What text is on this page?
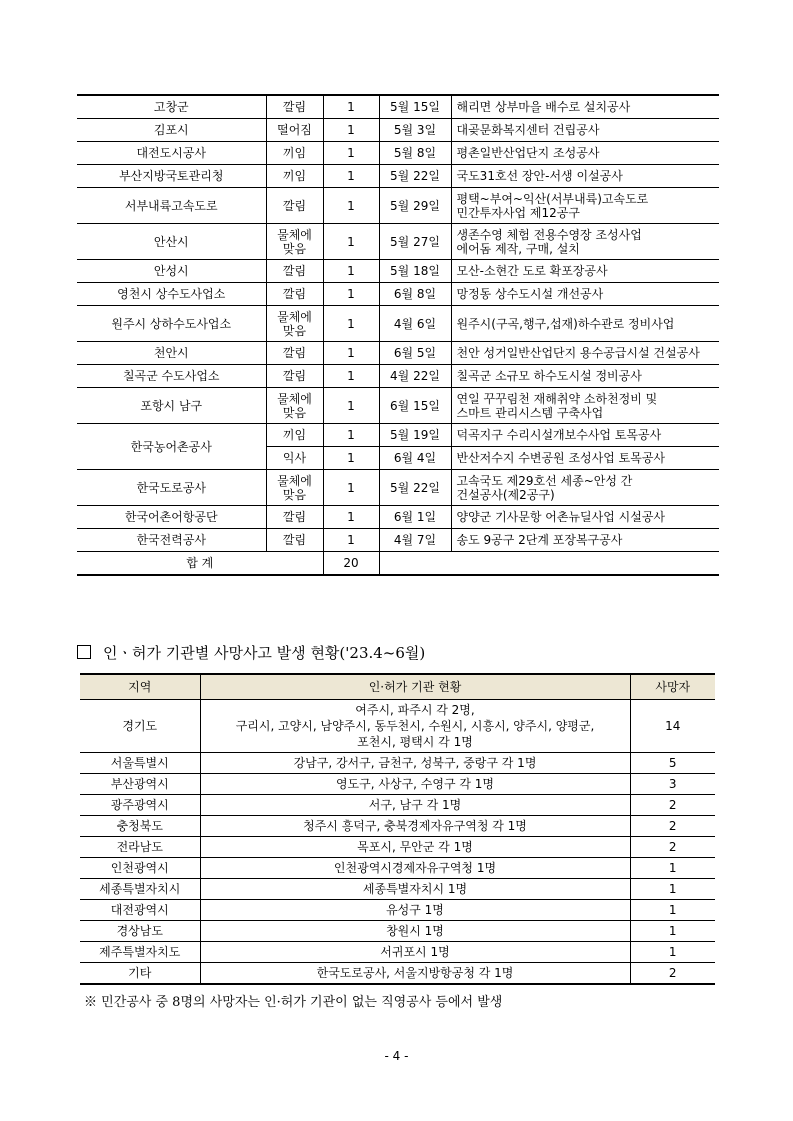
고창군	깔림	1	5월 15일	해리면 상부마을 배수로 설치공사
김포시	떨어짐	1	5월 3일	대곶문화복지센터 건립공사
대전도시공사	끼임	1	5월 8일	평촌일반산업단지 조성공사
부산지방국토관리청	끼임	1	5월 22일	국도31호선 장안-서생 이설공사
서부내륙고속도로	깔림	1	5월 29일	평택~부여~익산(서부내륙)고속도로
민간투자사업 제12공구

안산시	물체에 맞음	1	5월 27일	생존수영 체험 전용수영장 조성사업
에어돔 제작, 구매, 설치

안성시	깔림	1	5월 18일	모산-소현간 도로 확포장공사
영천시 상수도사업소	깔림	1	6월 8일	망정동 상수도시설 개선공사
원주시 상하수도사업소	물체에 맞음	1	4월 6일	원주시(구곡,행구,섭재)하수관로 정비사업
천안시	깔림	1	6월 5일	천안 성거일반산업단지 용수공급시설 건설공사
칠곡군 수도사업소	깔림	1	4월 22일	칠곡군 소규모 하수도시설 정비공사
포항시 남구	물체에 맞음	1	6월 15일	연일 꾸꾸림천 재해취약 소하천정비 및
스마트 관리시스템 구축사업

한국농어촌공사	끼임	1	5월 19일	덕곡지구 수리시설개보수사업 토목공사
	익사	1	6월 4일	반산저수지 수변공원 조성사업 토목공사
한국도로공사	물체에 맞음	1	5월 22일	고속국도 제29호선 세종~안성 간
건설공사(제2공구)

한국어촌어항공단	깔림	1	6월 1일	양양군 기사문항 어촌뉴딜사업 시설공사
한국전력공사	깔림	1	4월 7일	송도 9공구 2단계 포장복구공사
합 계		20		
인ㆍ허가 기관별 사망사고 발생 현황('23.4~6월)
지역	인·허가 기관 현황	사망자
경기도	여주시, 파주시 각 2명,
구리시, 고양시, 남양주시, 동두천시, 수원시, 시흥시, 양주시, 양평군,
포천시, 평택시 각 1명	14
서울특별시	강남구, 강서구, 금천구, 성북구, 중랑구 각 1명	5
부산광역시	영도구, 사상구, 수영구 각 1명	3
광주광역시	서구, 남구 각 1명	2
충청북도	청주시 흥덕구, 충북경제자유구역청 각 1명	2
전라남도	목포시, 무안군 각 1명	2
인천광역시	인천광역시경제자유구역청 1명	1
세종특별자치시	세종특별자치시 1명	1
대전광역시	유성구 1명	1
경상남도	창원시 1명	1
제주특별자치도	서귀포시 1명	1
기타	한국도로공사, 서울지방항공청 각 1명	2
※ 민간공사 중 8명의 사망자는 인·허가 기관이 없는 직영공사 등에서 발생
- 4 -
